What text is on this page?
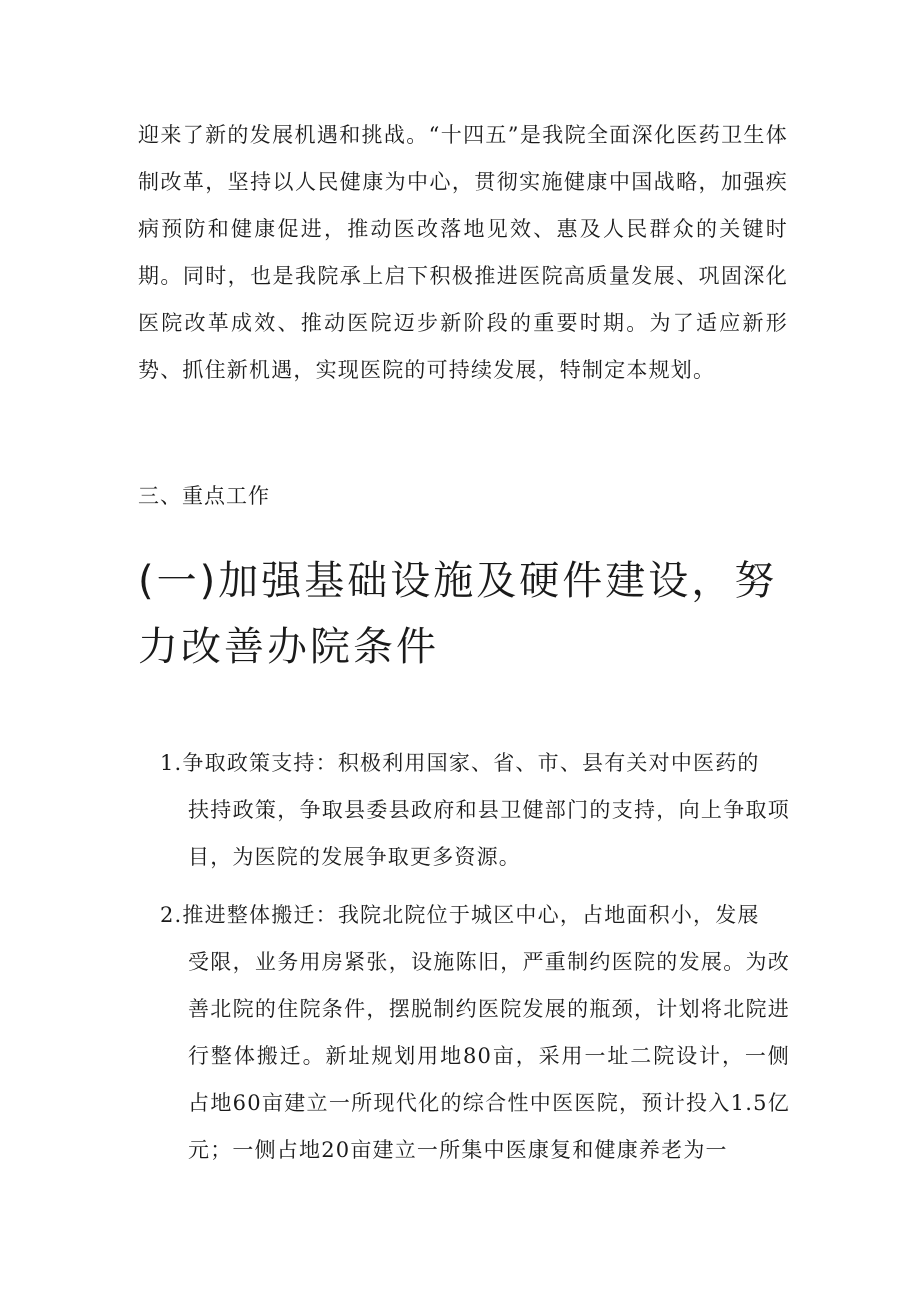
迎来了新的发展机遇和挑战。“十四五”是我院全面深化医药卫生体制改革，坚持以人民健康为中心，贯彻实施健康中国战略，加强疾病预防和健康促进，推动医改落地见效、惠及人民群众的关键时期。同时，也是我院承上启下积极推进医院高质量发展、巩固深化医院改革成效、推动医院迈步新阶段的重要时期。为了适应新形势、抓住新机遇，实现医院的可持续发展，特制定本规划。

三、重点工作
(一)加强基础设施及硬件建设，努力改善办院条件

1.争取政策支持：积极利用国家、省、市、县有关对中医药的
扶持政策，争取县委县政府和县卫健部门的支持，向上争取项目，为医院的发展争取更多资源。

2.推进整体搬迁：我院北院位于城区中心，占地面积小，发展
受限，业务用房紧张，设施陈旧，严重制约医院的发展。为改善北院的住院条件，摆脱制约医院发展的瓶颈，计划将北院进行整体搬迁。新址规划用地80亩，采用一址二院设计，一侧占地60亩建立一所现代化的综合性中医医院，预计投入1.5亿元；一侧占地20亩建立一所集中医康复和健康养老为一
